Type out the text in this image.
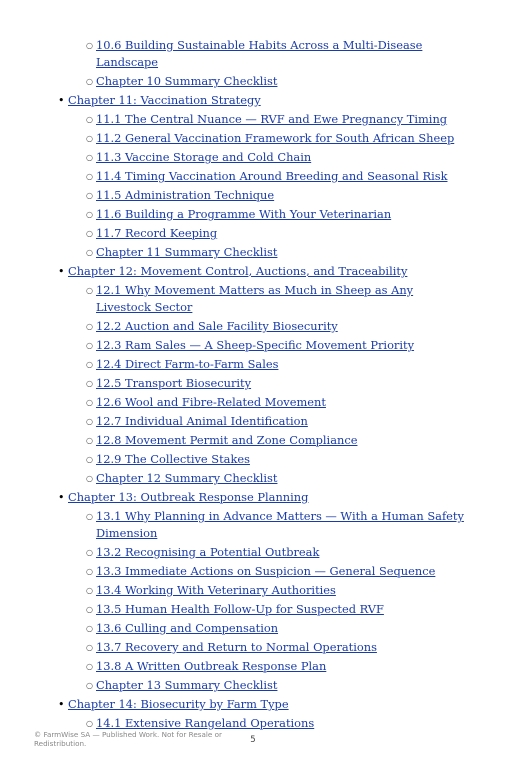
○ 10.6 Building Sustainable Habits Across a Multi-Disease Landscape
○ Chapter 10 Summary Checklist
• Chapter 11: Vaccination Strategy
○ 11.1 The Central Nuance — RVF and Ewe Pregnancy Timing
○ 11.2 General Vaccination Framework for South African Sheep
○ 11.3 Vaccine Storage and Cold Chain
○ 11.4 Timing Vaccination Around Breeding and Seasonal Risk
○ 11.5 Administration Technique
○ 11.6 Building a Programme With Your Veterinarian
○ 11.7 Record Keeping
○ Chapter 11 Summary Checklist
• Chapter 12: Movement Control, Auctions, and Traceability
○ 12.1 Why Movement Matters as Much in Sheep as Any Livestock Sector
○ 12.2 Auction and Sale Facility Biosecurity
○ 12.3 Ram Sales — A Sheep-Specific Movement Priority
○ 12.4 Direct Farm-to-Farm Sales
○ 12.5 Transport Biosecurity
○ 12.6 Wool and Fibre-Related Movement
○ 12.7 Individual Animal Identification
○ 12.8 Movement Permit and Zone Compliance
○ 12.9 The Collective Stakes
○ Chapter 12 Summary Checklist
• Chapter 13: Outbreak Response Planning
○ 13.1 Why Planning in Advance Matters — With a Human Safety Dimension
○ 13.2 Recognising a Potential Outbreak
○ 13.3 Immediate Actions on Suspicion — General Sequence
○ 13.4 Working With Veterinary Authorities
○ 13.5 Human Health Follow-Up for Suspected RVF
○ 13.6 Culling and Compensation
○ 13.7 Recovery and Return to Normal Operations
○ 13.8 A Written Outbreak Response Plan
○ Chapter 13 Summary Checklist
• Chapter 14: Biosecurity by Farm Type
○ 14.1 Extensive Rangeland Operations
© FarmWise SA — Published Work. Not for Resale or Redistribution.	5
